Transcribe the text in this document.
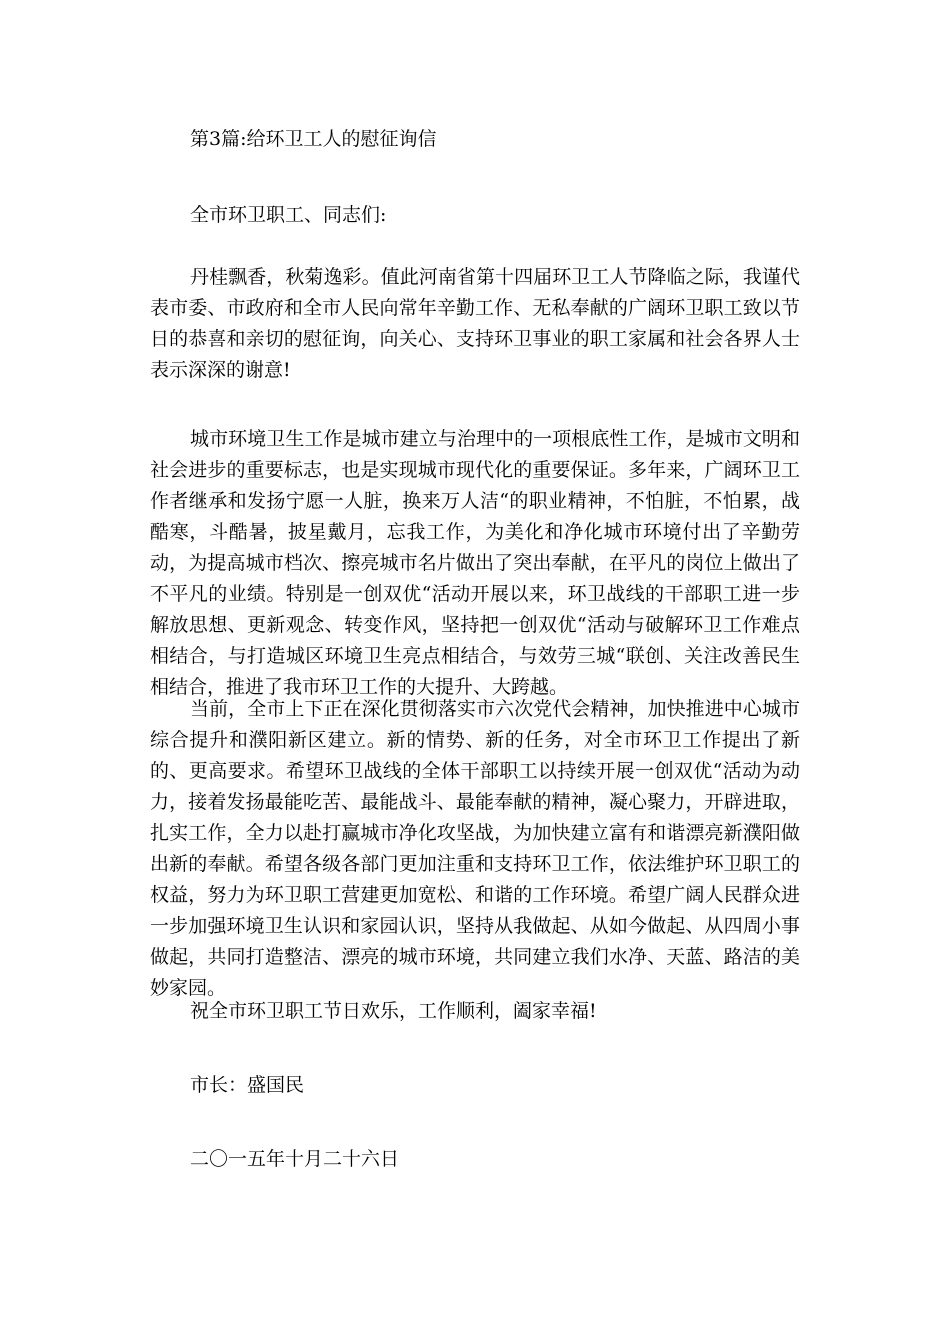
第3篇:给环卫工人的慰征询信

全市环卫职工、同志们:

丹桂飘香，秋菊逸彩。值此河南省第十四届环卫工人节降临之际，我谨代表市委、市政府和全市人民向常年辛勤工作、无私奉献的广阔环卫职工致以节日的恭喜和亲切的慰征询，向关心、支持环卫事业的职工家属和社会各界人士表示深深的谢意!

城市环境卫生工作是城市建立与治理中的一项根底性工作，是城市文明和社会进步的重要标志，也是实现城市现代化的重要保证。多年来，广阔环卫工作者继承和发扬宁愿一人脏，换来万人洁“的职业精神，不怕脏，不怕累，战酷寒，斗酷暑，披星戴月，忘我工作，为美化和净化城市环境付出了辛勤劳动，为提高城市档次、擦亮城市名片做出了突出奉献，在平凡的岗位上做出了不平凡的业绩。特别是一创双优“活动开展以来，环卫战线的干部职工进一步解放思想、更新观念、转变作风，坚持把一创双优“活动与破解环卫工作难点相结合，与打造城区环境卫生亮点相结合，与效劳三城“联创、关注改善民生相结合，推进了我市环卫工作的大提升、大跨越。

当前，全市上下正在深化贯彻落实市六次党代会精神，加快推进中心城市综合提升和濮阳新区建立。新的情势、新的任务，对全市环卫工作提出了新的、更高要求。希望环卫战线的全体干部职工以持续开展一创双优“活动为动力，接着发扬最能吃苦、最能战斗、最能奉献的精神，凝心聚力，开辟进取，扎实工作，全力以赴打赢城市净化攻坚战，为加快建立富有和谐漂亮新濮阳做出新的奉献。希望各级各部门更加注重和支持环卫工作，依法维护环卫职工的权益，努力为环卫职工营建更加宽松、和谐的工作环境。希望广阔人民群众进一步加强环境卫生认识和家园认识，坚持从我做起、从如今做起、从四周小事做起，共同打造整洁、漂亮的城市环境，共同建立我们水净、天蓝、路洁的美妙家园。

祝全市环卫职工节日欢乐，工作顺利，阖家幸福!

市长：盛国民

二〇一五年十月二十六日
